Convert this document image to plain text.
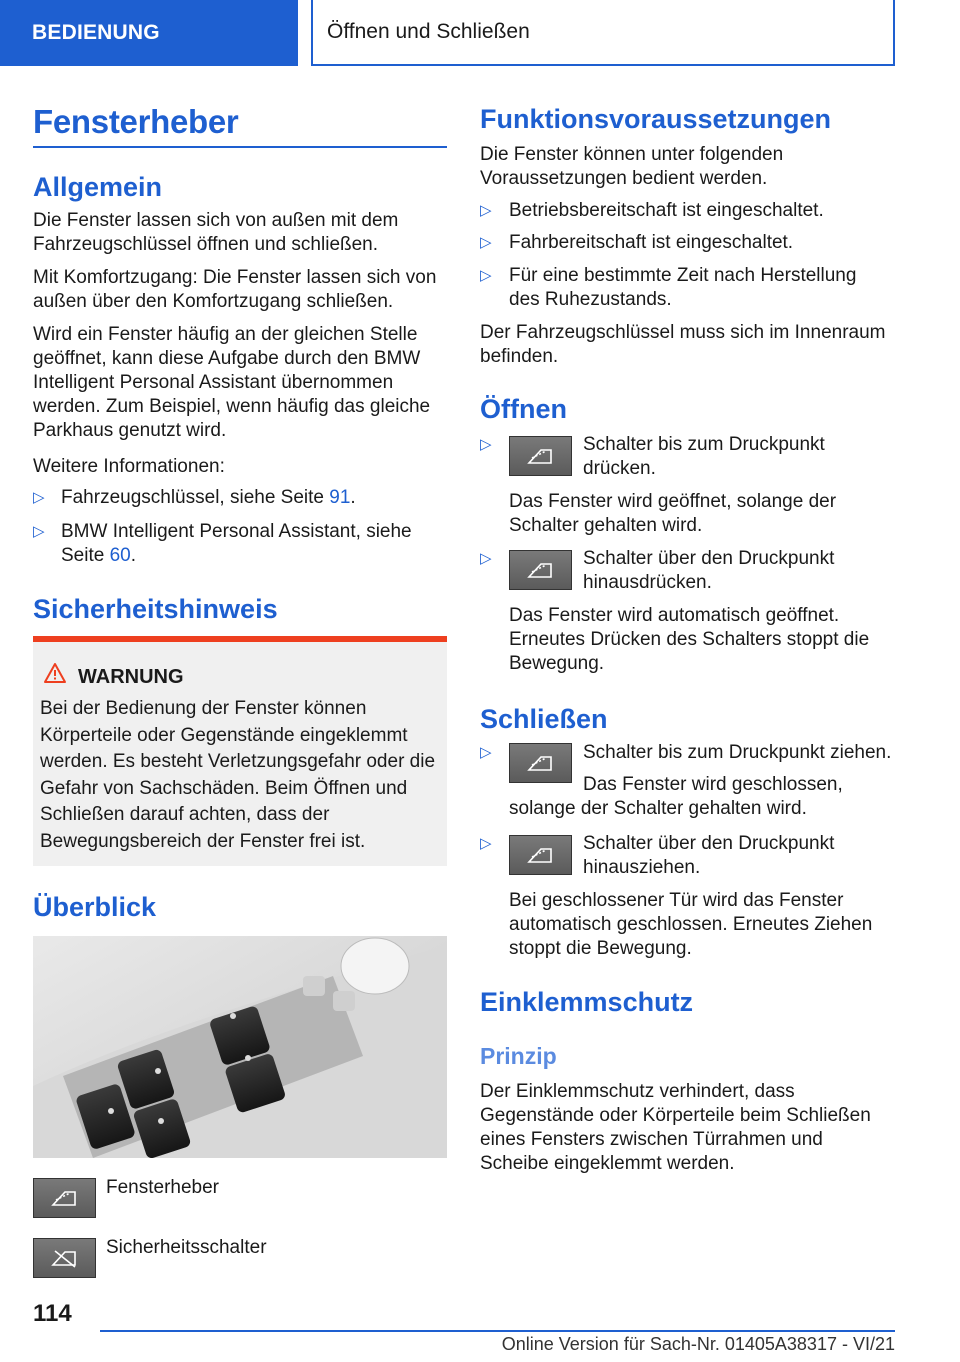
BEDIENUNG	Öffnen und Schließen
Fensterheber
Allgemein

Die Fenster lassen sich von außen mit dem Fahrzeugschlüssel öffnen und schließen.

Mit Komfortzugang: Die Fenster lassen sich von außen über den Komfortzugang schließen.

Wird ein Fenster häufig an der gleichen Stelle geöffnet, kann diese Aufgabe durch den BMW Intelligent Personal Assistant übernommen werden. Zum Beispiel, wenn häufig das gleiche Parkhaus genutzt wird.

Weitere Informationen:

▷ Fahrzeugschlüssel, siehe Seite 91.
▷ BMW Intelligent Personal Assistant, siehe Seite 60.
Sicherheitshinweis
WARNUNG
Bei der Bedienung der Fenster können Körperteile oder Gegenstände eingeklemmt werden. Es besteht Verletzungsgefahr oder die Gefahr von Sachschäden. Beim Öffnen und Schließen darauf achten, dass der Bewegungsbereich der Fenster frei ist.
Überblick
Fensterheber
Sicherheitsschalter
Funktionsvoraussetzungen

Die Fenster können unter folgenden Voraussetzungen bedient werden.

▷ Betriebsbereitschaft ist eingeschaltet.
▷ Fahrbereitschaft ist eingeschaltet.
▷ Für eine bestimmte Zeit nach Herstellung des Ruhezustands.

Der Fahrzeugschlüssel muss sich im Innenraum befinden.

Öffnen
▷	Schalter bis zum Druckpunkt drücken.
Das Fenster wird geöffnet, solange der Schalter gehalten wird.
▷	Schalter über den Druckpunkt hinausdrücken.
Das Fenster wird automatisch geöffnet. Erneutes Drücken des Schalters stoppt die Bewegung.
Schließen
▷	Schalter bis zum Druckpunkt ziehen.
Das Fenster wird geschlossen, solange der Schalter gehalten wird.
▷	Schalter über den Druckpunkt hinausziehen.
Bei geschlossener Tür wird das Fenster automatisch geschlossen. Erneutes Ziehen stoppt die Bewegung.
Einklemmschutz
Prinzip

Der Einklemmschutz verhindert, dass Gegenstände oder Körperteile beim Schließen eines Fensters zwischen Türrahmen und Scheibe eingeklemmt werden.

114
Online Version für Sach-Nr. 01405A38317 - VI/21
